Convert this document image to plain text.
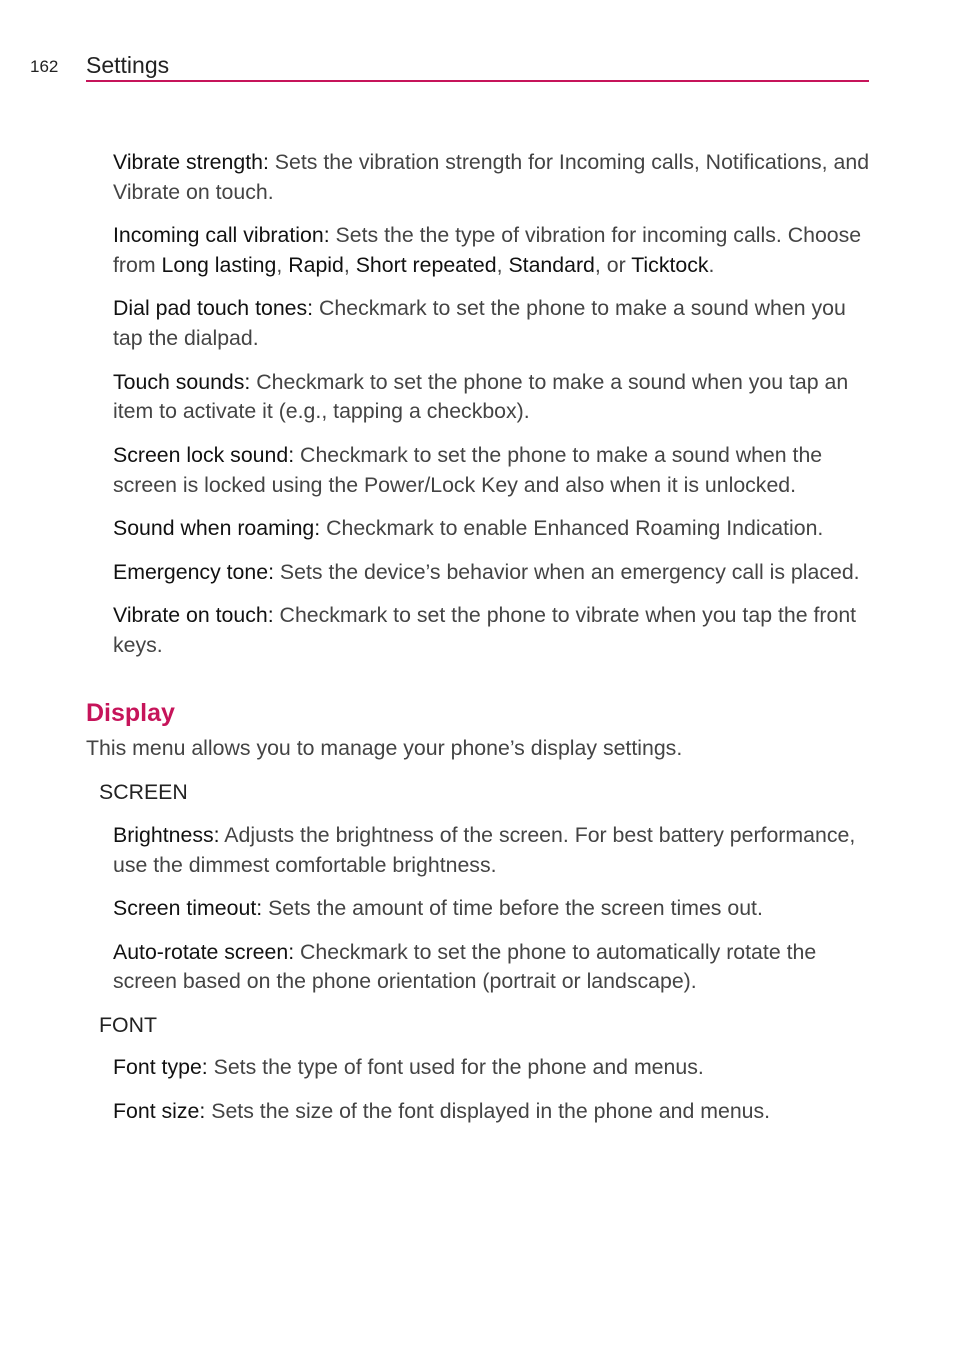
162 Settings

Vibrate strength: Sets the vibration strength for Incoming calls, Notifications, and Vibrate on touch.

Incoming call vibration: Sets the the type of vibration for incoming calls. Choose from Long lasting, Rapid, Short repeated, Standard, or Ticktock.

Dial pad touch tones: Checkmark to set the phone to make a sound when you tap the dialpad.

Touch sounds: Checkmark to set the phone to make a sound when you tap an item to activate it (e.g., tapping a checkbox).

Screen lock sound: Checkmark to set the phone to make a sound when the screen is locked using the Power/Lock Key and also when it is unlocked.

Sound when roaming: Checkmark to enable Enhanced Roaming Indication.

Emergency tone: Sets the device’s behavior when an emergency call is placed.

Vibrate on touch: Checkmark to set the phone to vibrate when you tap the front keys.

Display

This menu allows you to manage your phone’s display settings.

SCREEN

Brightness: Adjusts the brightness of the screen. For best battery performance, use the dimmest comfortable brightness.

Screen timeout: Sets the amount of time before the screen times out.

Auto-rotate screen: Checkmark to set the phone to automatically rotate the screen based on the phone orientation (portrait or landscape).

FONT

Font type: Sets the type of font used for the phone and menus.

Font size: Sets the size of the font displayed in the phone and menus.
